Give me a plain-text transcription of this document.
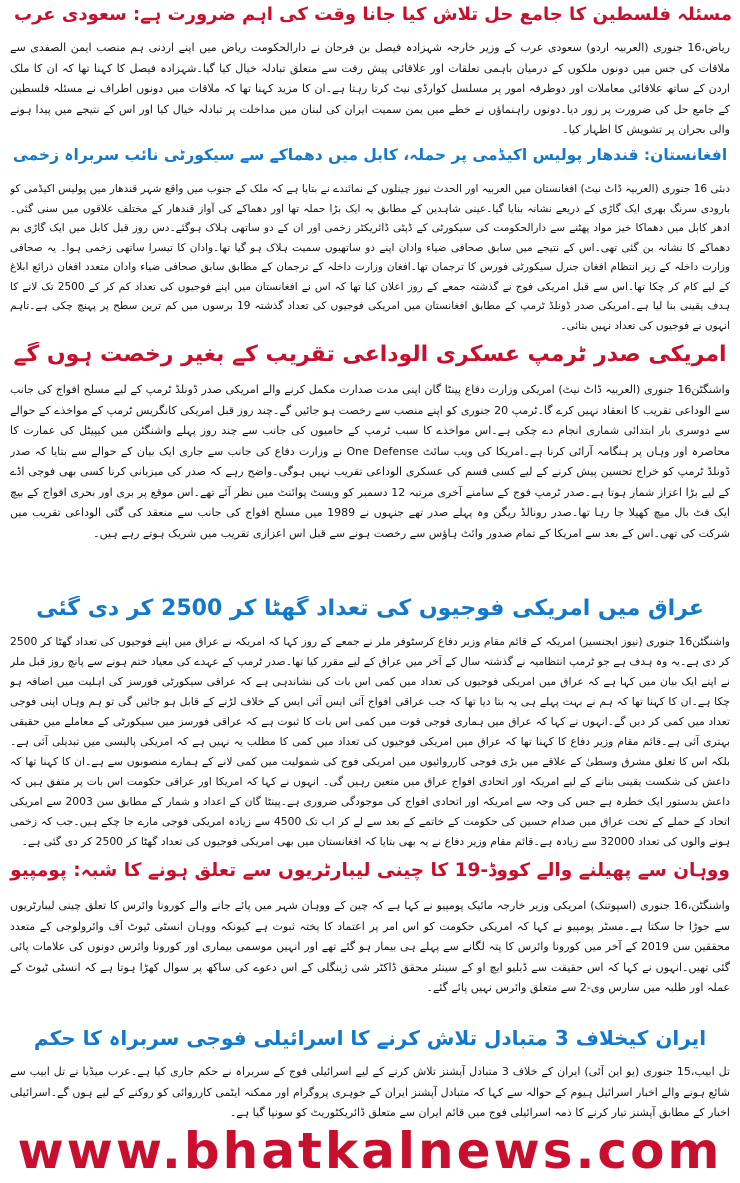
مسئلہ فلسطین کا جامع حل تلاش کیا جانا وقت کی اہم ضرورت ہے: سعودی عرب
ریاض،16 جنوری (العربیہ اردو) سعودی عرب کے وزیر خارجہ شہزادہ فیصل بن فرحان نے دارالحکومت ریاض میں اپنے اردنی ہم منصب ایمن الصفدی سے ملاقات کی جس میں دونوں ملکوں کے درمیان باہمی تعلقات اور علاقائی پیش رفت سے متعلق تبادلہ خیال کیا گیا۔شہزادہ فیصل کا کہنا تھا کہ ان کا ملک اردن کے ساتھ علاقائی معاملات اور دوطرفہ امور پر مسلسل کوارڈی نیٹ کرتا رہتا ہے۔ان کا مزید کہنا تھا کہ ملاقات میں دونوں اطراف نے مسئلہ فلسطین کے جامع حل کی ضرورت پر زور دیا۔دونوں راہنماؤں نے خطے میں یمن سمیت ایران کی لبنان میں مداخلت پر تبادلہ خیال کیا اور اس کے نتیجے میں پیدا ہونے والی بحران پر تشویش کا اظہار کیا۔
افغانستان: قندھار پولیس اکیڈمی پر حملہ، کابل میں دھماکے سے سیکورٹی نائب سربراہ زخمی
دبئی 16 جنوری (العربیہ ڈاٹ نیٹ) افغانستان میں العربیہ اور الحدث نیوز چینلوں کے نمائندے نے بتایا ہے کہ ملک کے جنوب میں واقع شہر قندھار میں پولیس اکیڈمی کو بارودی سرنگ بھری ایک گاڑی کے ذریعے نشانہ بنایا گیا۔عینی شاہدین کے مطابق یہ ایک بڑا حملہ تھا اور دھماکے کی آواز قندھار کے مختلف علاقوں میں سنی گئی۔ ادھر کابل میں دھماکا خیز مواد پھٹنے سے دارالحکومت کی سیکورٹی کے ڈپٹی ڈائریکٹر زخمی اور ان کے دو ساتھی ہلاک ہوگئے۔دس روز قبل کابل میں ایک گاڑی بم دھماکے کا نشانہ بن گئی تھی۔اس کے نتیجے میں سابق صحافی ضیاء وادان اپنے دو ساتھیوں سمیت ہلاک ہو گیا تھا۔وادان کا تیسرا ساتھی زخمی ہوا۔ یہ صحافی وزارت داخلہ کے زیر انتظام افغان جنرل سیکورٹی فورس کا ترجمان تھا۔افغان وزارت داخلہ کے ترجمان کے مطابق سابق صحافی ضیاء وادان متعدد افغان ذرائع ابلاغ کے لیے کام کر چکا تھا۔اس سے قبل امریکی فوج نے گذشتہ جمعے کے روز اعلان کیا تھا کہ اس نے افغانستان میں اپنے فوجیوں کی تعداد کم کر کے 2500 تک لانے کا ہدف یقینی بنا لیا ہے۔امریکی صدر ڈونلڈ ٹرمپ کے مطابق افغانستان میں امریکی فوجیوں کی تعداد گذشتہ 19 برسوں میں کم ترین سطح پر پہنچ چکی ہے۔تاہم انہوں نے فوجیوں کی تعداد نہیں بتائی۔
امریکی صدر ٹرمپ عسکری الوداعی تقریب کے بغیر رخصت ہوں گے
واشنگٹن16 جنوری (العربیہ ڈاٹ نیٹ) امریکی وزارت دفاع پینٹا گان اپنی مدت صدارت مکمل کرنے والے امریکی صدر ڈونلڈ ٹرمپ کے لیے مسلح افواج کی جانب سے الوداعی تقریب کا انعقاد نہیں کرے گا۔ٹرمپ 20 جنوری کو اپنے منصب سے رخصت ہو جائیں گے۔چند روز قبل امریکی کانگریس ٹرمپ کے مواخذے کے حوالے سے دوسری بار ابتدائی شماری انجام دے چکی ہے۔اس مواخذے کا سبب ٹرمپ کے حامیوں کی جانب سے چند روز پہلے واشنگٹن میں کیپیٹل کی عمارت کا محاصرہ اور وہاں پر ہنگامہ آرائی کرنا ہے۔امریکا کی ویب سائٹ One Defense نے وزارت دفاع کی جانب سے جاری ایک بیان کے حوالے سے بتایا کہ صدر ڈونلڈ ٹرمپ کو خراج تحسین پیش کرنے کے لیے کسی قسم کی عسکری الوداعی تقریب نہیں ہوگی۔واضح رہے کہ صدر کی میزبانی کرنا کسی بھی فوجی اڈے کے لیے بڑا اعزاز شمار ہوتا ہے۔صدر ٹرمپ فوج کے سامنے آخری مرتبہ 12 دسمبر کو ویسٹ پوائنٹ میں نظر آئے تھے۔اس موقع پر بری اور بحری افواج کے بیچ ایک فٹ بال میچ کھیلا جا رہا تھا۔صدر رونالڈ ریگن وہ پہلے صدر تھے جنہوں نے 1989 میں مسلح افواج کی جانب سے منعقد کی گئی الوداعی تقریب میں شرکت کی تھی۔اس کے بعد سے امریکا کے تمام صدور وائٹ ہاؤس سے رخصت ہونے سے قبل اس اعزازی تقریب میں شریک ہوتے رہے ہیں۔
عراق میں امریکی فوجیوں کی تعداد گھٹا کر 2500 کر دی گئی
واشنگٹن16 جنوری (نیوز ایجنسیز) امریکہ کے قائم مقام وزیر دفاع کرسٹوفر ملر نے جمعے کے روز کہا کہ امریکہ نے عراق میں اپنے فوجیوں کی تعداد گھٹا کر 2500 کر دی ہے۔یہ وہ ہدف ہے جو ٹرمپ انتظامیہ نے گذشتہ سال کے آخر میں عراق کے لیے مقرر کیا تھا۔صدر ٹرمپ کے عہدے کی معیاد ختم ہونے سے پانچ روز قبل ملر نے اپنے ایک بیان میں کہا ہے کہ عراق میں امریکی فوجیوں کی تعداد میں کمی اس بات کی نشاندہی ہے کہ عراقی سیکورٹی فورسز کی اہلیت میں اضافہ ہو چکا ہے۔ان کا کہنا تھا کہ ہم نے بہت پہلے ہی یہ بتا دیا تھا کہ جب عراقی افواج آئی ایس آئی ایس کے خلاف لڑنے کے قابل ہو جائیں گی تو ہم وہاں اپنی فوجی تعداد میں کمی کر دیں گے۔انہوں نے کہا کہ عراق میں ہماری فوجی قوت میں کمی اس بات کا ثبوت ہے کہ عراقی فورسز میں سیکورٹی کے معاملے میں حقیقی بہتری آئی ہے۔قائم مقام وزیر دفاع کا کہنا تھا کہ عراق میں امریکی فوجیوں کی تعداد میں کمی کا مطلب یہ نہیں ہے کہ امریکی پالیسی میں تبدیلی آئی ہے۔بلکہ اس کا تعلق مشرق وسطیٰ کے علاقے میں بڑی فوجی کارروائیوں میں امریکی فوج کی شمولیت میں کمی لانے کے ہمارے منصوبوں سے ہے۔ان کا کہنا تھا کہ داعش کی شکست یقینی بنانے کے لیے امریکہ اور اتحادی افواج عراق میں متعین رہیں گی۔ انہوں نے کہا کہ امریکا اور عراقی حکومت اس بات پر متفق ہیں کہ داعش بدستور ایک خطرہ ہے جس کی وجہ سے امریکہ اور اتحادی افواج کی موجودگی ضروری ہے۔پینٹا گان کے اعداد و شمار کے مطابق سن 2003 سے امریکی اتحاد کے حملے کے تحت عراق میں صدام حسین کی حکومت کے خاتمے کے بعد سے لے کر اب تک 4500 سے زیادہ امریکی فوجی مارے جا چکے ہیں۔جب کہ زخمی ہونے والوں کی تعداد 32000 سے زیادہ ہے۔قائم مقام وزیر دفاع نے یہ بھی بتایا کہ افغانستان میں بھی امریکی فوجیوں کی تعداد گھٹا کر 2500 کر دی گئی ہے۔
ووہان سے پھیلنے والے کووڈ-19 کا چینی لیبارٹریوں سے تعلق ہونے کا شبہ: پومپیو
واشنگٹن،16 جنوری (اسپوتنک) امریکی وزیر خارجہ مائیک پومپیو نے کہا ہے کہ چین کے ووہان شہر میں پائے جانے والے کورونا وائرس کا تعلق چینی لیبارٹریوں سے جوڑا جا سکتا ہے۔مسٹر پومپیو نے کہا کہ امریکی حکومت کو اس امر پر اعتماد کا پختہ ثبوت ہے کیونکہ ووہان انسٹی ٹیوٹ آف وائرولوجی کے متعدد محققین سن 2019 کے آخر میں کورونا وائرس کا پتہ لگانے سے پہلے ہی بیمار ہو گئے تھے اور انہیں موسمی بیماری اور کورونا وائرس دونوں کی علامات پائی گئی تھیں۔انہوں نے کہا کہ اس حقیقت سے ڈبلیو ایچ او کے سینئر محقق ڈاکٹر شی ژینگلی کے اس دعوے کی ساکھ پر سوال کھڑا ہوتا ہے کہ انسٹی ٹیوٹ کے عملہ اور طلبہ میں سارس وی-2 سے متعلق وائرس نہیں پائے گئے۔
ایران کیخلاف 3 متبادل تلاش کرنے کا اسرائیلی فوجی سربراہ کا حکم
تل ابیب،15 جنوری (یو این آئی) ایران کے خلاف 3 متبادل آپشنز تلاش کرنے کے لیے اسرائیلی فوج کے سربراہ نے حکم جاری کیا ہے۔عرب میڈیا نے تل ابیب سے شائع ہونے والے اخبار اسرائیل ہیوم کے حوالہ سے کہا کہ متبادل آپشنز ایران کے جوہری پروگرام اور ممکنہ ایٹمی کارروائی کو روکنے کے لیے ہوں گے۔اسرائیلی اخبار کے مطابق آپشنز تیار کرنے کا ذمہ اسرائیلی فوج میں قائم ایران سے متعلق ڈائریکٹوریٹ کو سونپا گیا ہے۔
www.bhatkalnews.com
